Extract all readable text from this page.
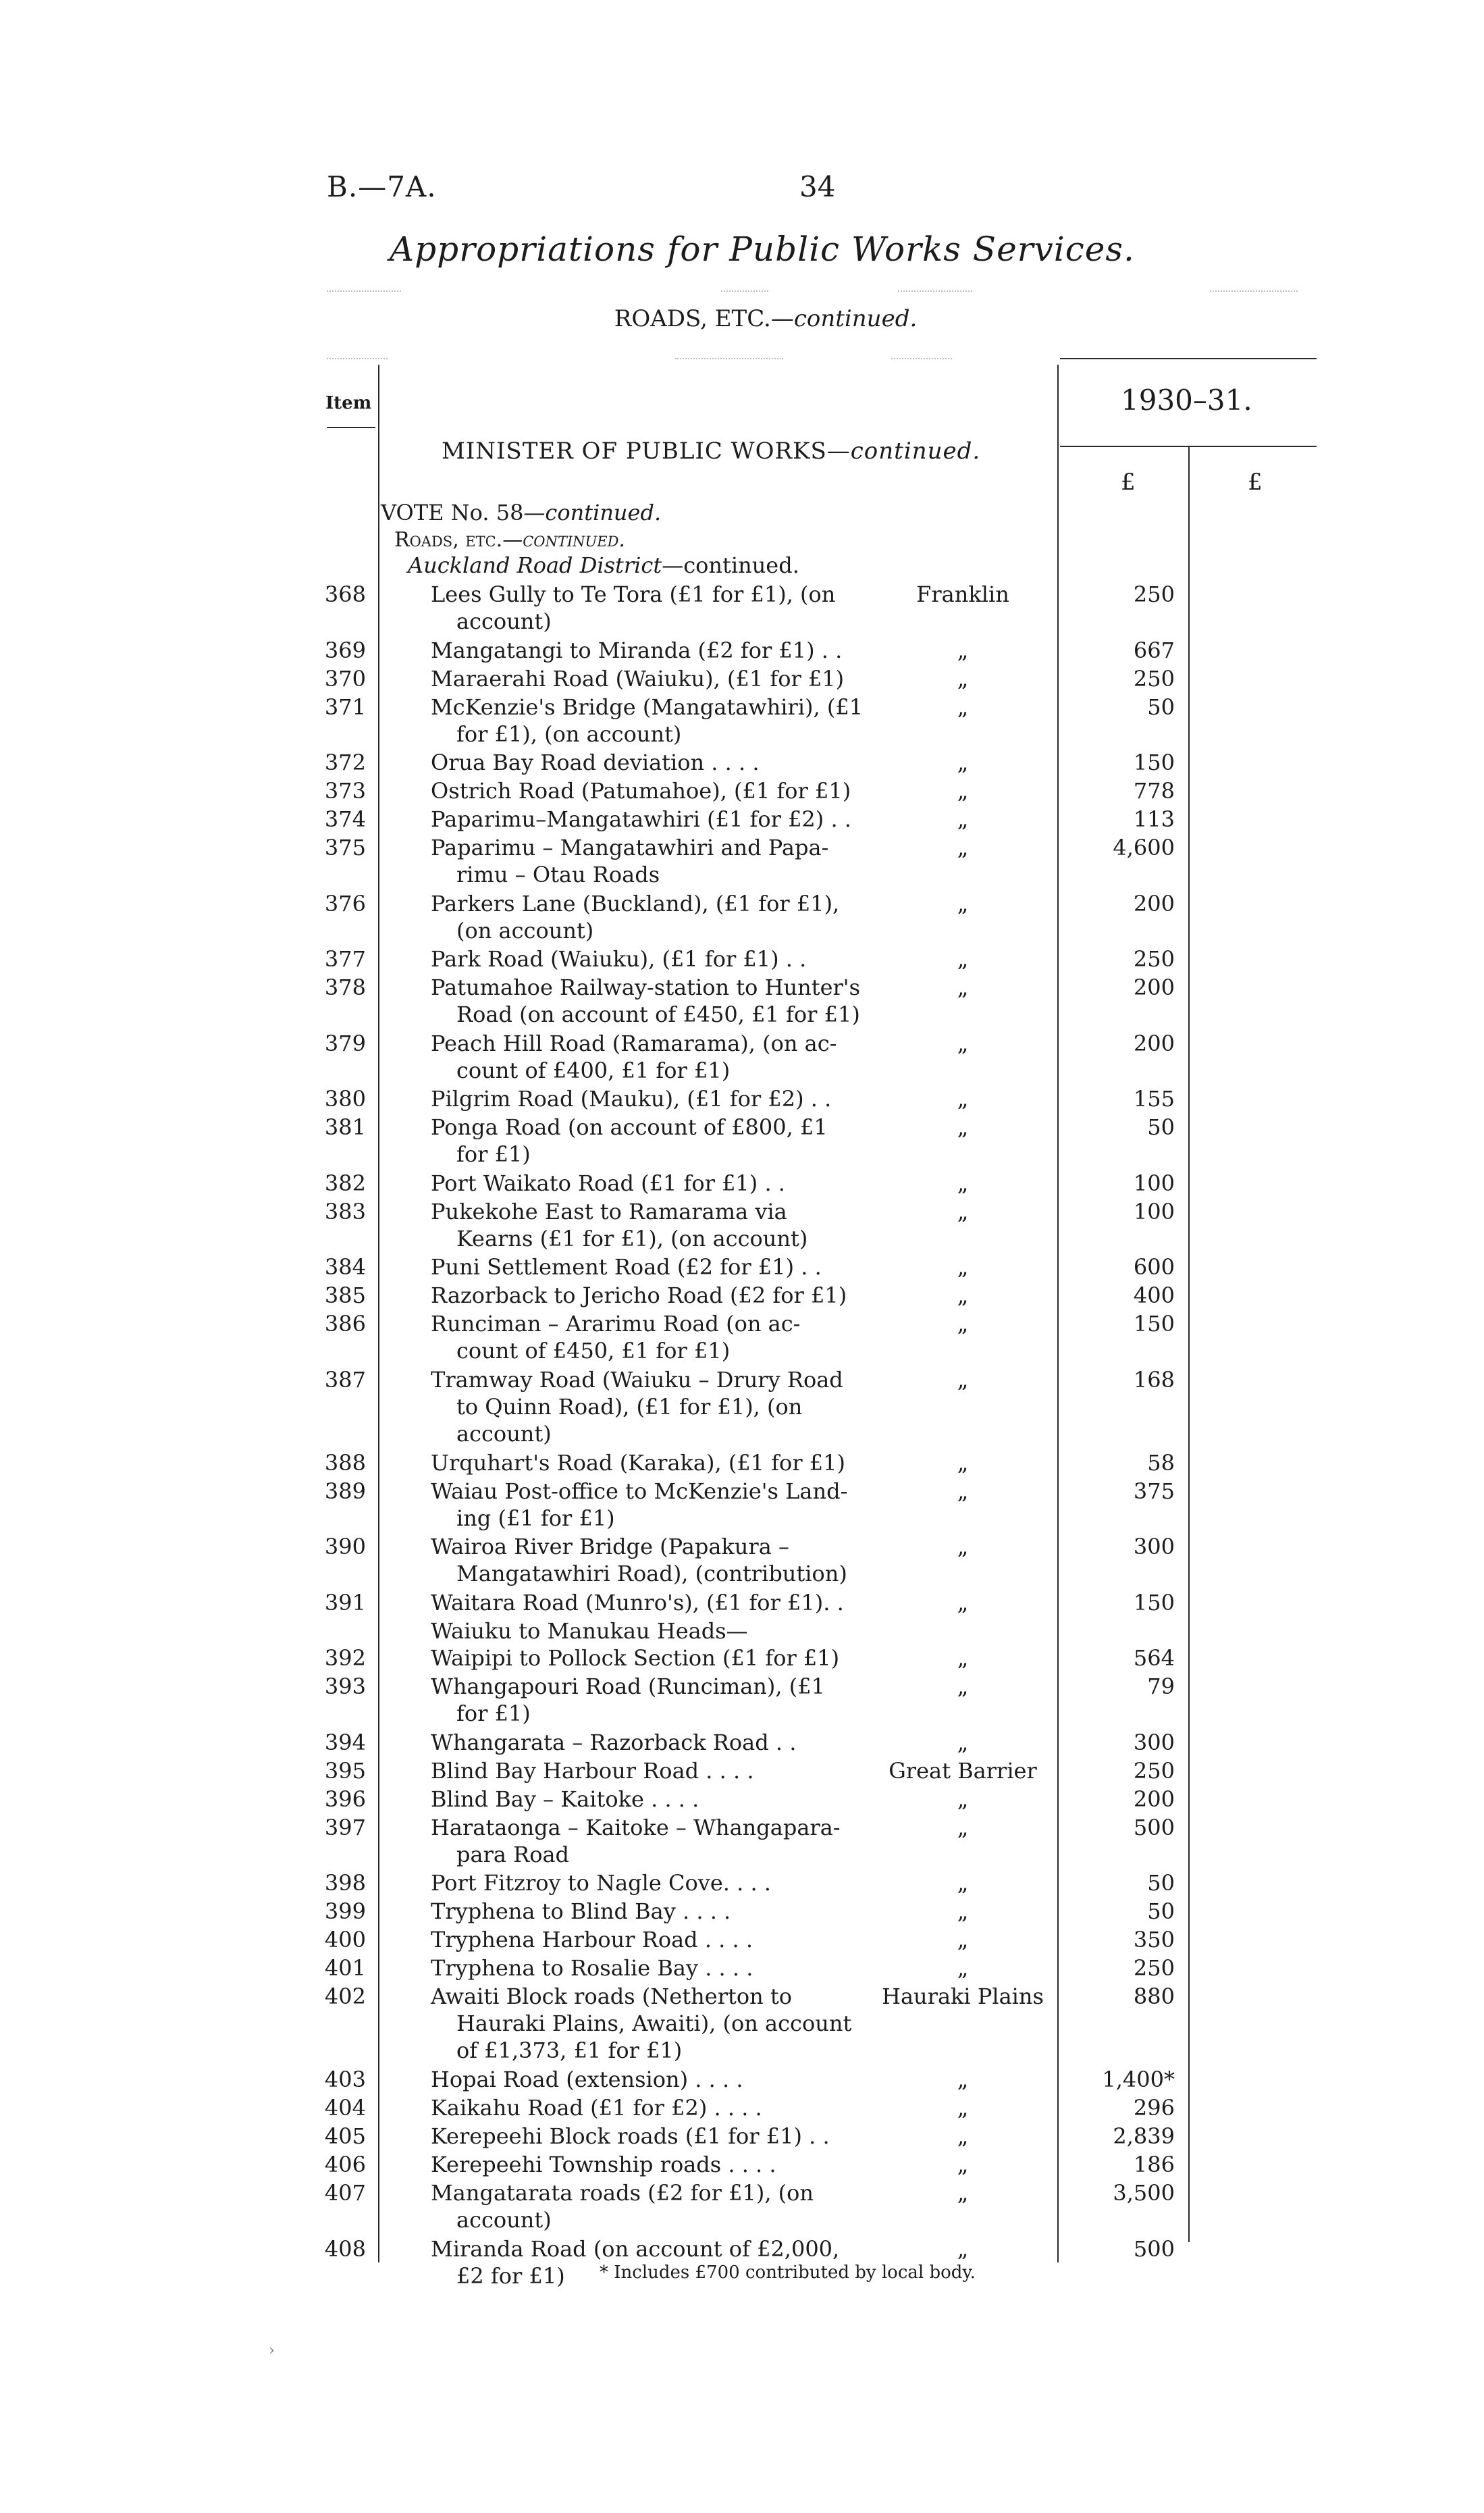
B.—7A.	34
Appropriations for Public Works Services.
ROADS, ETC.—continued.
Item	1930–31.
£	£
MINISTER OF PUBLIC WORKS—continued.
VOTE No. 58—continued.
Roads, etc.—continued.
Auckland Road District—continued.
368	Lees Gully to Te Tora (£1 for £1), (on
account)
Franklin	250
369	Mangatangi to Miranda (£2 for £1) . .	„	667
370	Maraerahi Road (Waiuku), (£1 for £1)	„	250
371	McKenzie's Bridge (Mangatawhiri), (£1
for £1), (on account)
„	50
372	Orua Bay Road deviation . . . .	„	150
373	Ostrich Road (Patumahoe), (£1 for £1)	„	778
374	Paparimu–Mangatawhiri (£1 for £2) . .	„	113
375	Paparimu – Mangatawhiri and Papa-
rimu – Otau Roads
„	4,600
376	Parkers Lane (Buckland), (£1 for £1),
(on account)
„	200
377	Park Road (Waiuku), (£1 for £1) . .	„	250
378	Patumahoe Railway-station to Hunter's
Road (on account of £450, £1 for £1)
„	200
379	Peach Hill Road (Ramarama), (on ac-
count of £400, £1 for £1)
„	200
380	Pilgrim Road (Mauku), (£1 for £2) . .	„	155
381	Ponga Road (on account of £800, £1
for £1)
„	50
382	Port Waikato Road (£1 for £1) . .	„	100
383	Pukekohe East to Ramarama via
Kearns (£1 for £1), (on account)
„	100
384	Puni Settlement Road (£2 for £1) . .	„	600
385	Razorback to Jericho Road (£2 for £1)	„	400
386	Runciman – Ararimu Road (on ac-
count of £450, £1 for £1)
„	150
387	Tramway Road (Waiuku – Drury Road
to Quinn Road), (£1 for £1), (on
account)
„	168
388	Urquhart's Road (Karaka), (£1 for £1)	„	58
389	Waiau Post-office to McKenzie's Land-
ing (£1 for £1)
„	375
390	Wairoa River Bridge (Papakura –
Mangatawhiri Road), (contribution)
„	300
391	Waitara Road (Munro's), (£1 for £1). .	„	150
392	Waipipi to Pollock Section (£1 for £1)	„	564
393	Whangapouri Road (Runciman), (£1
for £1)
„	79
394	Whangarata – Razorback Road . .	„	300
395	Blind Bay Harbour Road . . . .	Great Barrier	250
396	Blind Bay – Kaitoke . . . .	„	200
397	Harataonga – Kaitoke – Whangapara-
para Road
„	500
398	Port Fitzroy to Nagle Cove. . . .	„	50
399	Tryphena to Blind Bay . . . .	„	50
400	Tryphena Harbour Road . . . .	„	350
401	Tryphena to Rosalie Bay . . . .	„	250
402	Awaiti Block roads (Netherton to
Hauraki Plains, Awaiti), (on account
of £1,373, £1 for £1)
Hauraki Plains	880
403	Hopai Road (extension) . . . .	„	1,400*
404	Kaikahu Road (£1 for £2) . . . .	„	296
405	Kerepeehi Block roads (£1 for £1) . .	„	2,839
406	Kerepeehi Township roads . . . .	„	186
407	Mangatarata roads (£2 for £1), (on
account)
„	3,500
408	Miranda Road (on account of £2,000,
£2 for £1)
„	500
Waiuku to Manukau Heads—
* Includes £700 contributed by local body.
›
